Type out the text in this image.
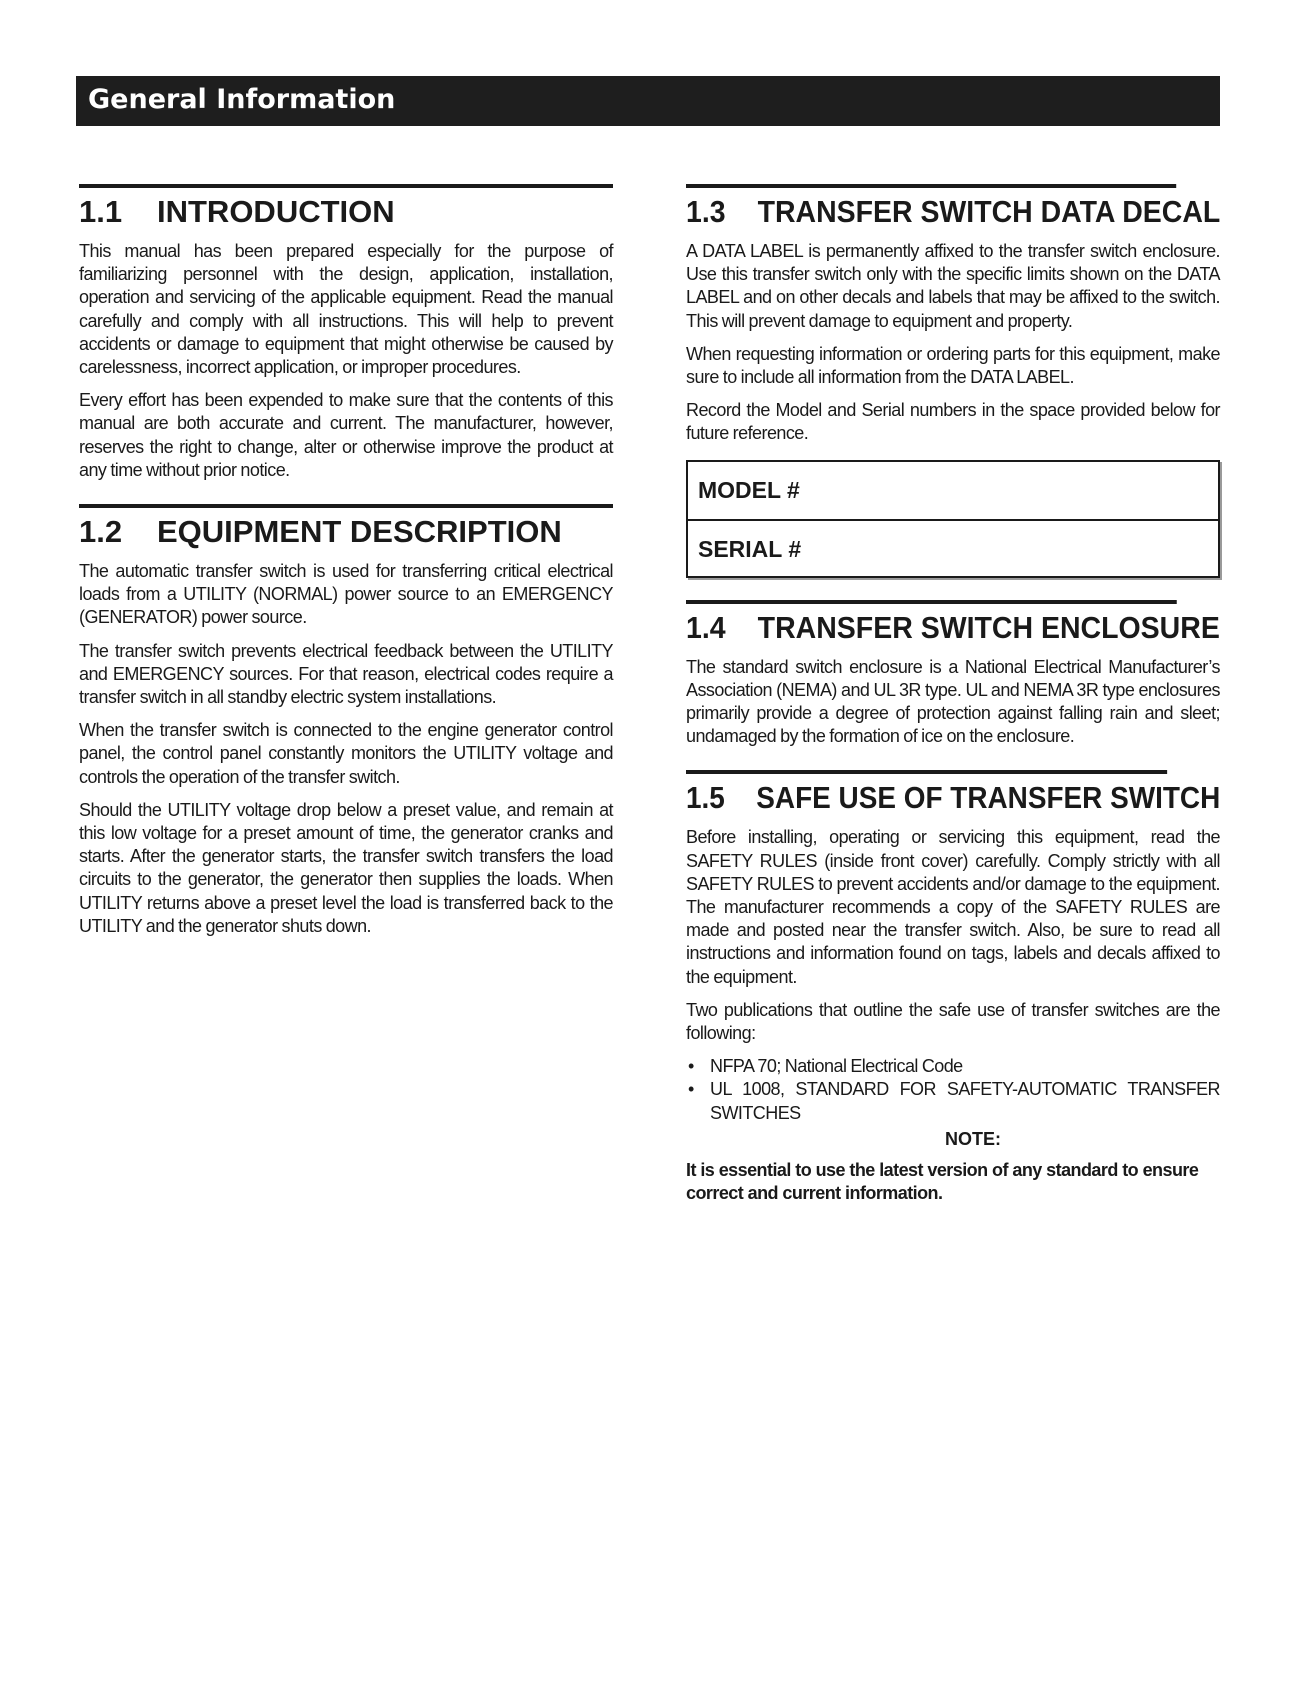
General Information
1.1	INTRODUCTION

This manual has been prepared especially for the purpose of familiarizing personnel with the design, application, installation, operation and servicing of the applicable equipment. Read the manual carefully and comply with all instructions. This will help to prevent accidents or damage to equipment that might otherwise be caused by carelessness, incorrect application, or improper procedures.

Every effort has been expended to make sure that the contents of this manual are both accurate and current. The manufacturer, however, reserves the right to change, alter or otherwise improve the product at any time without prior notice.

1.2	EQUIPMENT DESCRIPTION

The automatic transfer switch is used for transferring critical electrical loads from a UTILITY (NORMAL) power source to an EMERGENCY (GENERATOR) power source.

The transfer switch prevents electrical feedback between the UTILITY and EMERGENCY sources. For that reason, electrical codes require a transfer switch in all standby electric system installations.

When the transfer switch is connected to the engine generator control panel, the control panel constantly monitors the UTILITY voltage and controls the operation of the transfer switch.

Should the UTILITY voltage drop below a preset value, and remain at this low voltage for a preset amount of time, the generator cranks and starts. After the generator starts, the transfer switch transfers the load circuits to the generator, the generator then supplies the loads. When UTILITY returns above a preset level the load is transferred back to the UTILITY and the generator shuts down.

1.3	TRANSFER SWITCH DATA DECAL

A DATA LABEL is permanently affixed to the transfer switch enclosure. Use this transfer switch only with the specific limits shown on the DATA LABEL and on other decals and labels that may be affixed to the switch. This will prevent damage to equipment and property.

When requesting information or ordering parts for this equipment, make sure to include all information from the DATA LABEL.

Record the Model and Serial numbers in the space provided below for future reference.

MODEL #
SERIAL #
1.4	TRANSFER SWITCH ENCLOSURE

The standard switch enclosure is a National Electrical Manufacturer’s Association (NEMA) and UL 3R type. UL and NEMA 3R type enclosures primarily provide a degree of protection against falling rain and sleet; undamaged by the formation of ice on the enclosure.

1.5	SAFE USE OF TRANSFER SWITCH

Before installing, operating or servicing this equipment, read the SAFETY RULES (inside front cover) carefully. Comply strictly with all SAFETY RULES to prevent accidents and/or damage to the equipment. The manufacturer recommends a copy of the SAFETY RULES are made and posted near the transfer switch. Also, be sure to read all instructions and information found on tags, labels and decals affixed to the equipment.

Two publications that outline the safe use of transfer switches are the following:

• NFPA 70; National Electrical Code
• UL 1008, STANDARD FOR SAFETY-AUTOMATIC TRANSFER SWITCHES
NOTE:

It is essential to use the latest version of any standard to ensure correct and current information.
